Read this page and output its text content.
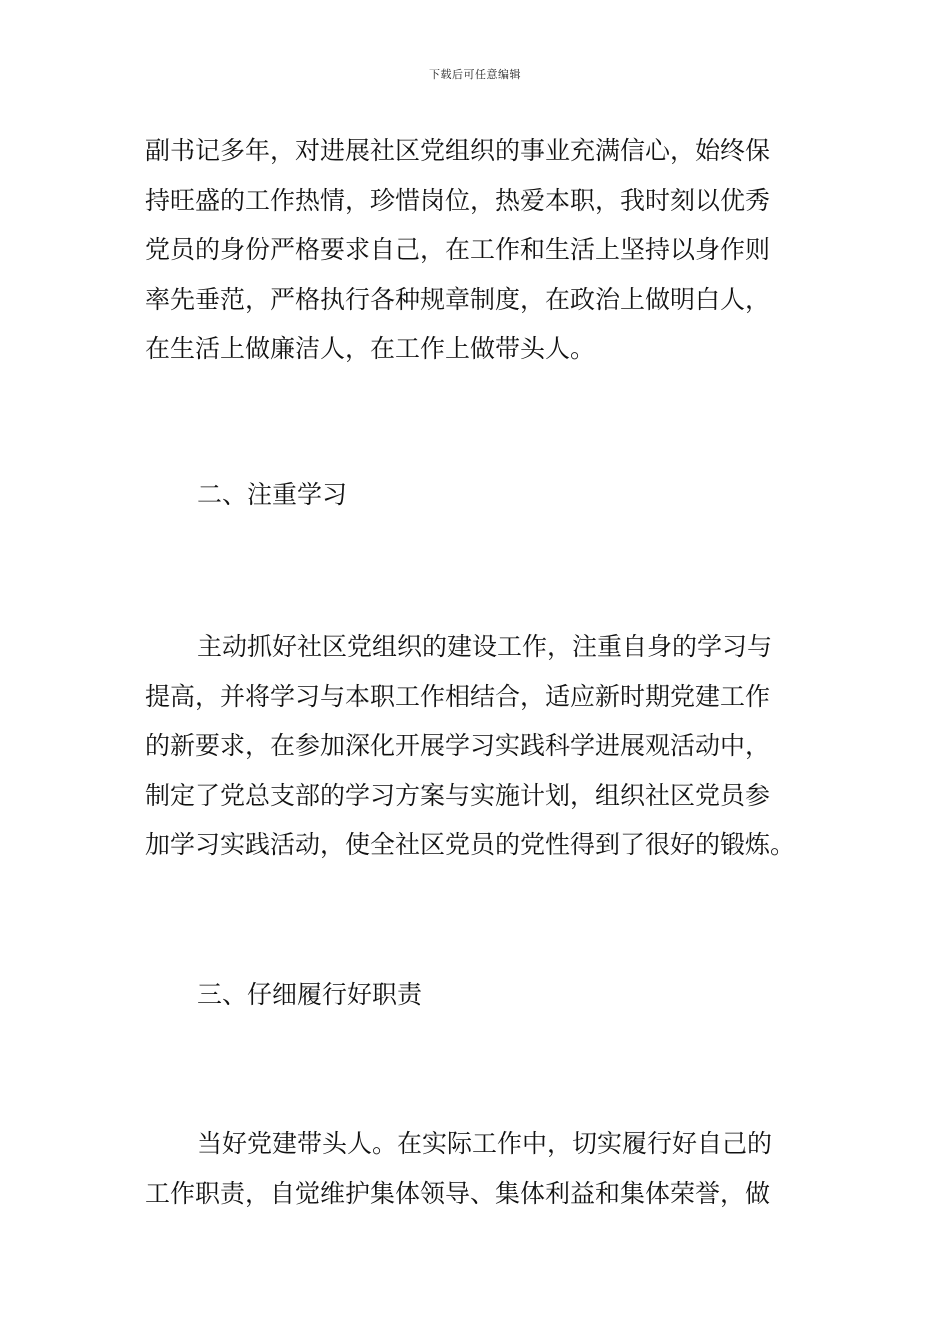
下载后可任意编辑
副书记多年，对进展社区党组织的事业充满信心，始终保
持旺盛的工作热情，珍惜岗位，热爱本职，我时刻以优秀
党员的身份严格要求自己，在工作和生活上坚持以身作则
率先垂范，严格执行各种规章制度，在政治上做明白人，
在生活上做廉洁人，在工作上做带头人。
二、注重学习
主动抓好社区党组织的建设工作，注重自身的学习与
提高，并将学习与本职工作相结合，适应新时期党建工作
的新要求，在参加深化开展学习实践科学进展观活动中，
制定了党总支部的学习方案与实施计划，组织社区党员参
加学习实践活动，使全社区党员的党性得到了很好的锻炼。
三、仔细履行好职责
当好党建带头人。在实际工作中，切实履行好自己的
工作职责，自觉维护集体领导、集体利益和集体荣誉，做
